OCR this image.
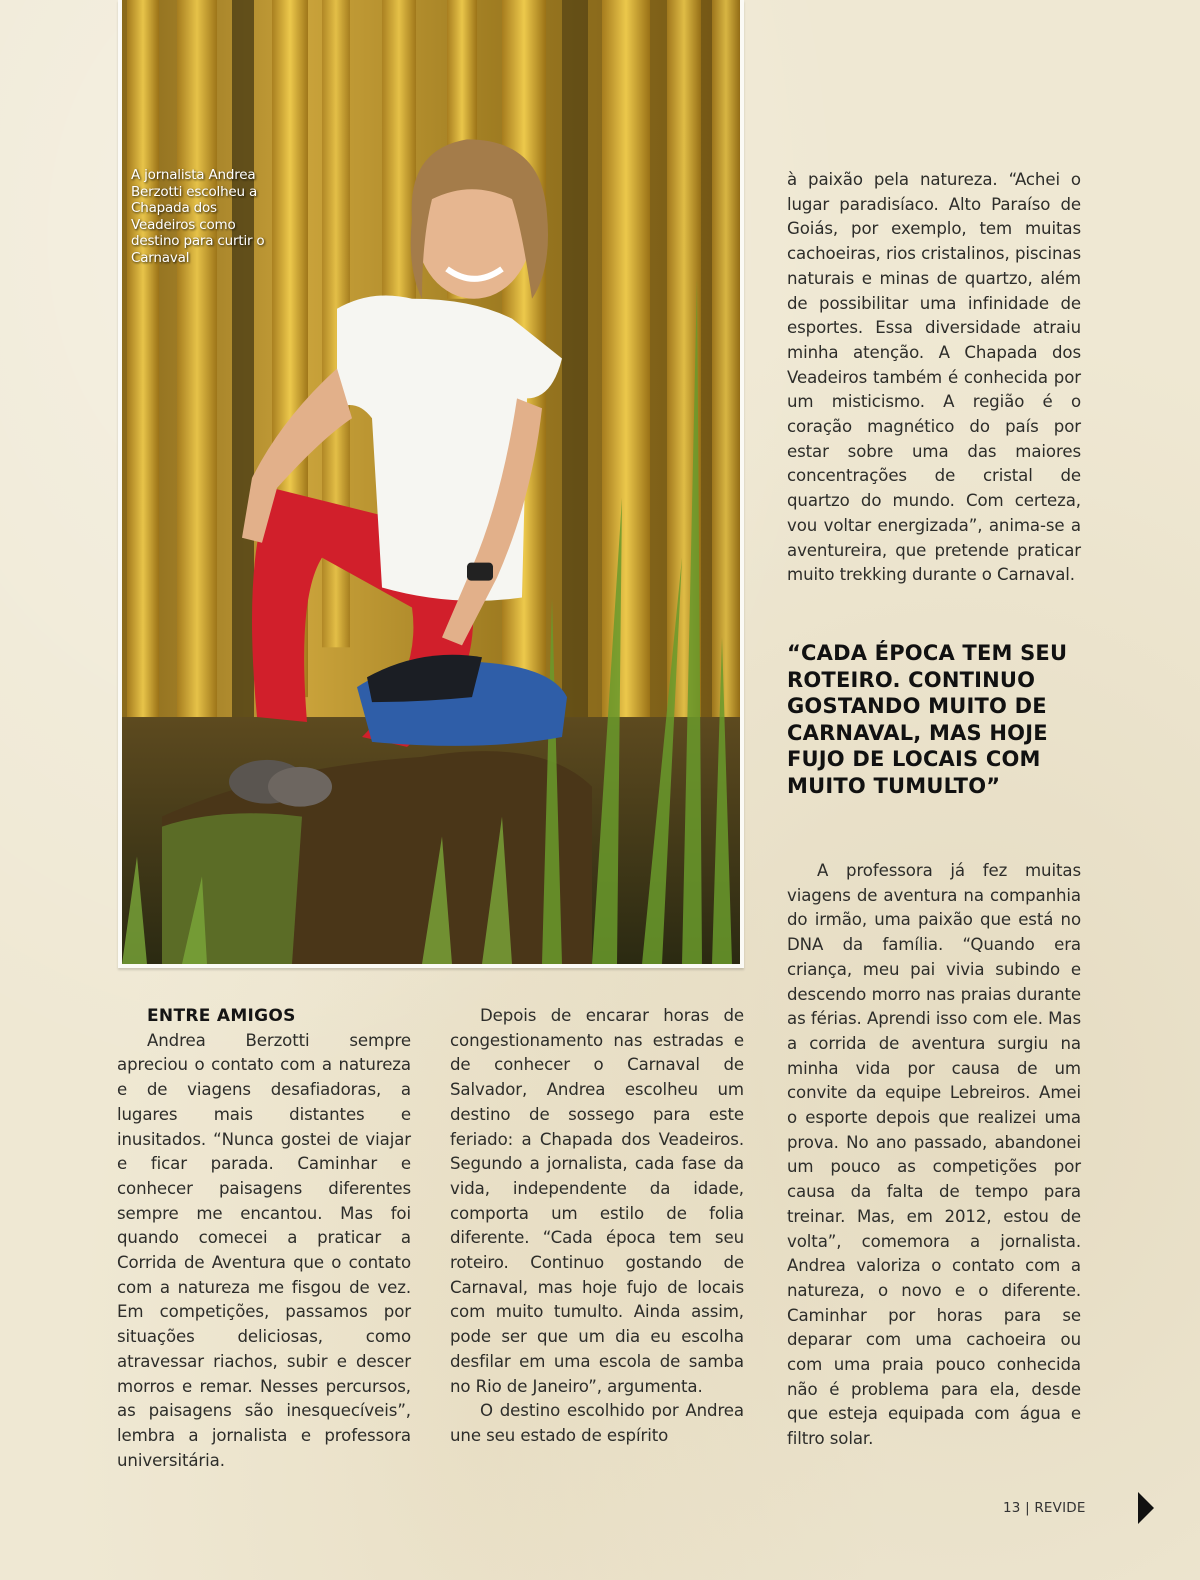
A jornalista Andrea Berzotti escolheu a Chapada dos Veadeiros como destino para curtir o Carnaval
ENTRE AMIGOS

Andrea Berzotti sempre apreciou o contato com a natureza e de viagens desafiadoras, a lugares mais distantes e inusitados. “Nunca gostei de viajar e ficar parada. Caminhar e conhecer paisagens diferentes sempre me encantou. Mas foi quando comecei a praticar a Corrida de Aventura que o contato com a natureza me fisgou de vez. Em competições, passamos por situações deliciosas, como atravessar riachos, subir e descer morros e remar. Nesses percursos, as paisagens são inesquecíveis”, lembra a jornalista e professora universitária.

Depois de encarar horas de congestionamento nas estradas e de conhecer o Carnaval de Salvador, Andrea escolheu um destino de sossego para este feriado: a Chapada dos Veadeiros. Segundo a jornalista, cada fase da vida, independente da idade, comporta um estilo de folia diferente. “Cada época tem seu roteiro. Continuo gostando de Carnaval, mas hoje fujo de locais com muito tumulto. Ainda assim, pode ser que um dia eu escolha desfilar em uma escola de samba no Rio de Janeiro”, argumenta.

O destino escolhido por Andrea une seu estado de espírito

à paixão pela natureza. “Achei o lugar paradisíaco. Alto Paraíso de Goiás, por exemplo, tem muitas cachoeiras, rios cristalinos, piscinas naturais e minas de quartzo, além de possibilitar uma infinidade de esportes. Essa diversidade atraiu minha atenção. A Chapada dos Veadeiros também é conhecida por um misticismo. A região é o coração magnético do país por estar sobre uma das maiores concentrações de cristal de quartzo do mundo. Com certeza, vou voltar energizada”, anima-se a aventureira, que pretende praticar muito trekking durante o Carnaval.

“CADA ÉPOCA TEM SEU ROTEIRO. CONTINUO GOSTANDO MUITO DE CARNAVAL, MAS HOJE FUJO DE LOCAIS COM MUITO TUMULTO”

A professora já fez muitas viagens de aventura na companhia do irmão, uma paixão que está no DNA da família. “Quando era criança, meu pai vivia subindo e descendo morro nas praias durante as férias. Aprendi isso com ele. Mas a corrida de aventura surgiu na minha vida por causa de um convite da equipe Lebreiros. Amei o esporte depois que realizei uma prova. No ano passado, abandonei um pouco as competições por causa da falta de tempo para treinar. Mas, em 2012, estou de volta”, comemora a jornalista. Andrea valoriza o contato com a natureza, o novo e o diferente. Caminhar por horas para se deparar com uma cachoeira ou com uma praia pouco conhecida não é problema para ela, desde que esteja equipada com água e filtro solar.

13 | REVIDE
